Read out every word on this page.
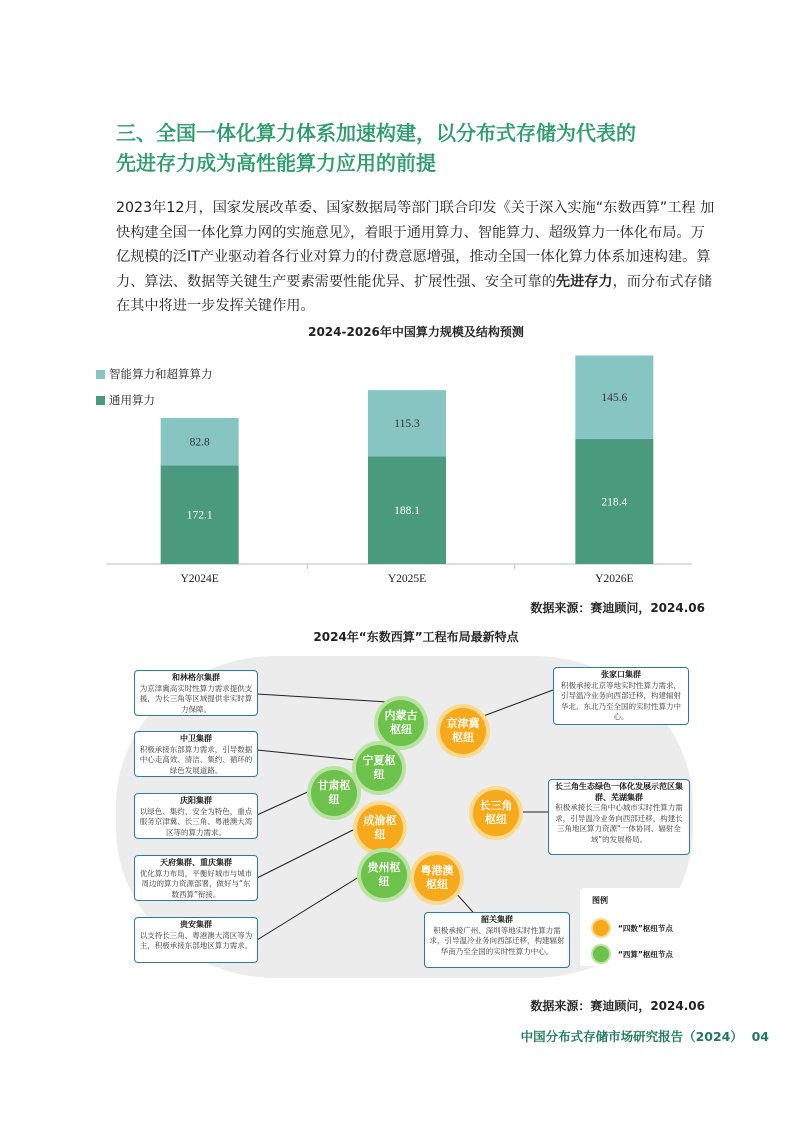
三、全国一体化算力体系加速构建，以分布式存储为代表的
先进存力成为高性能算力应用的前提

2023年12月，国家发展改革委、国家数据局等部门联合印发《关于深入实施“东数西算”工程 加快构建全国一体化算力网的实施意见》，着眼于通用算力、智能算力、超级算力一体化布局。万亿规模的泛IT产业驱动着各行业对算力的付费意愿增强，推动全国一体化算力体系加速构建。算力、算法、数据等关键生产要素需要性能优异、扩展性强、安全可靠的先进存力，而分布式存储在其中将进一步发挥关键作用。

2024-2026年中国算力规模及结构预测
智能算力和超算算力
通用算力
172.1
82.8
Y2024E
188.1
115.3
Y2025E
218.4
145.6
Y2026E
数据来源：赛迪顾问，2024.06
2024年“东数西算”工程布局最新特点
和林格尔集群
为京津冀高实时性算力需求提供支援，为长三角等区域提供非实时算力保障。
中卫集群
积极承接东部算力需求，引导数据中心走高效、清洁、集约、循环的绿色发展道路。
庆阳集群
以绿色、集约、安全为特色，重点服务京津冀、长三角、粤港澳大湾区等的算力需求。
天府集群、重庆集群
优化算力布局，平衡好城市与城市周边的算力资源部署，做好与“东数西算”衔接。
贵安集群
以支持长三角、粤港澳大湾区等为主，积极承接东部地区算力需求。
张家口集群
积极承接北京等地实时性算力需求，引导温冷业务向西部迁移，构建辐射华北、东北乃至全国的实时性算力中心。
长三角生态绿色一体化发展示范区集群、芜湖集群
积极承接长三角中心城市实时性算力需求，引导温冷业务向西部迁移，构建长三角地区算力资源“一体协同、辐射全域”的发展格局。
韶关集群
积极承接广州、深圳等地实时性算力需求，引导温冷业务向西部迁移，构建辐射华南乃至全国的实时性算力中心。
内蒙古枢纽
宁夏枢纽
甘肃枢纽
成渝枢纽
贵州枢纽
京津冀枢纽
长三角枢纽
粤港澳枢纽
图例
“四数”枢纽节点
“西算”枢纽节点
数据来源：赛迪顾问，2024.06
中国分布式存储市场研究报告（2024） 04
